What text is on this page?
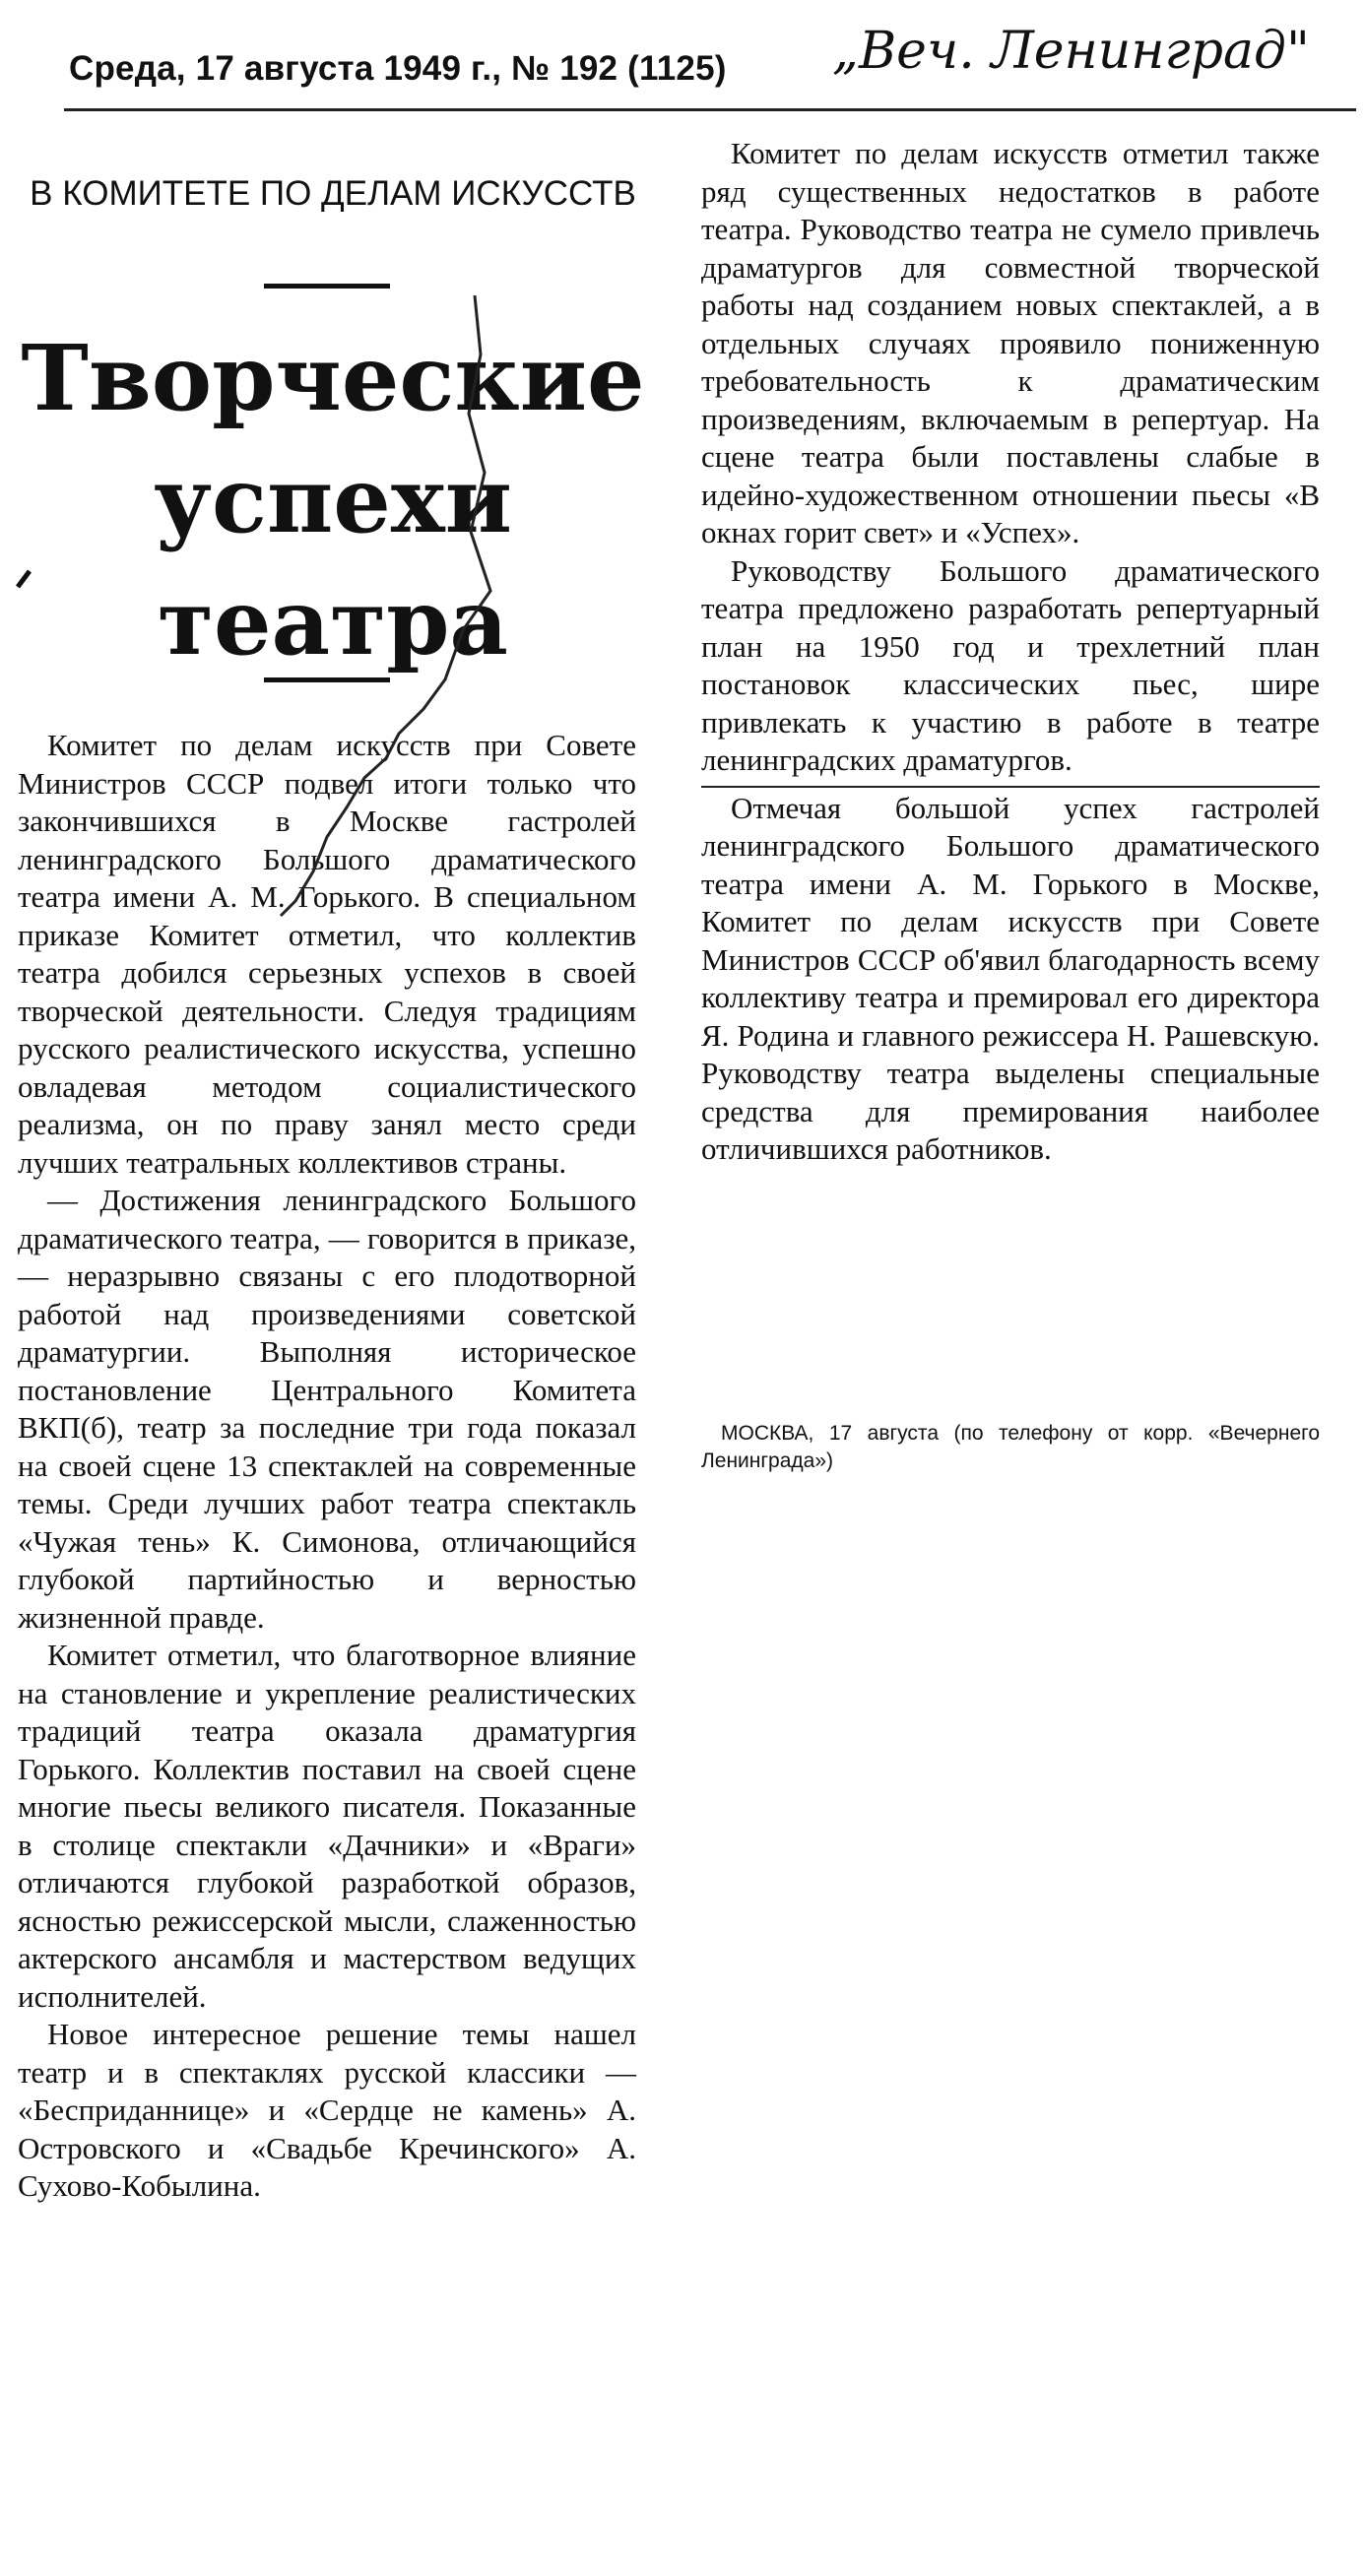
Среда, 17 августа 1949 г., № 192 (1125) „Веч. Ленинград"
В КОМИТЕТЕ ПО ДЕЛАМ ИСКУССТВ
Творческие
успехи
театра

Комитет по делам искусств при Совете Министров СССР подвел итоги только что закончившихся в Москве гастролей ленинградского Большого драматического театра имени А. М. Горького. В специальном приказе Комитет отметил, что коллектив театра добился серьезных успехов в своей творческой деятельности. Следуя традициям русского реалистического искусства, успешно овладевая методом социалистического реализма, он по праву занял место среди лучших театральных коллективов страны.

— Достижения ленинградского Большого драматического театра, — говорится в приказе, — неразрывно связаны с его плодотворной работой над произведениями советской драматургии. Выполняя историческое постановление Центрального Комитета ВКП(б), театр за последние три года показал на своей сцене 13 спектаклей на современные темы. Среди лучших работ театра спектакль «Чужая тень» К. Симонова, отличающийся глубокой партийностью и верностью жизненной правде.

Комитет отметил, что благотворное влияние на становление и укрепление реалистических традиций театра оказала драматургия Горького. Коллектив поставил на своей сцене многие пьесы великого писателя. Показанные в столице спектакли «Дачники» и «Враги» отличаются глубокой разработкой образов, ясностью режиссерской мысли, слаженностью актерского ансамбля и мастерством ведущих исполнителей.

Новое интересное решение темы нашел театр и в спектаклях русской классики — «Бесприданнице» и «Сердце не камень» А. Островского и «Свадьбе Кречинского» А. Сухово-Кобылина.

Комитет по делам искусств отметил также ряд существенных недостатков в работе театра. Руководство театра не сумело привлечь драматургов для совместной творческой работы над созданием новых спектаклей, а в отдельных случаях проявило пониженную требовательность к драматическим произведениям, включаемым в репертуар. На сцене театра были поставлены слабые в идейно-художественном отношении пьесы «В окнах горит свет» и «Успех».

Руководству Большого драматического театра предложено разработать репертуарный план на 1950 год и трехлетний план постановок классических пьес, шире привлекать к участию в работе в театре ленинградских драматургов.

Отмечая большой успех гастролей ленинградского Большого драматического театра имени А. М. Горького в Москве, Комитет по делам искусств при Совете Министров СССР об'явил благодарность всему коллективу театра и премировал его директора Я. Родина и главного режиссера Н. Рашевскую. Руководству театра выделены специальные средства для премирования наиболее отличившихся работников.

МОСКВА, 17 августа (по телефону от корр. «Вечернего Ленинграда»)
